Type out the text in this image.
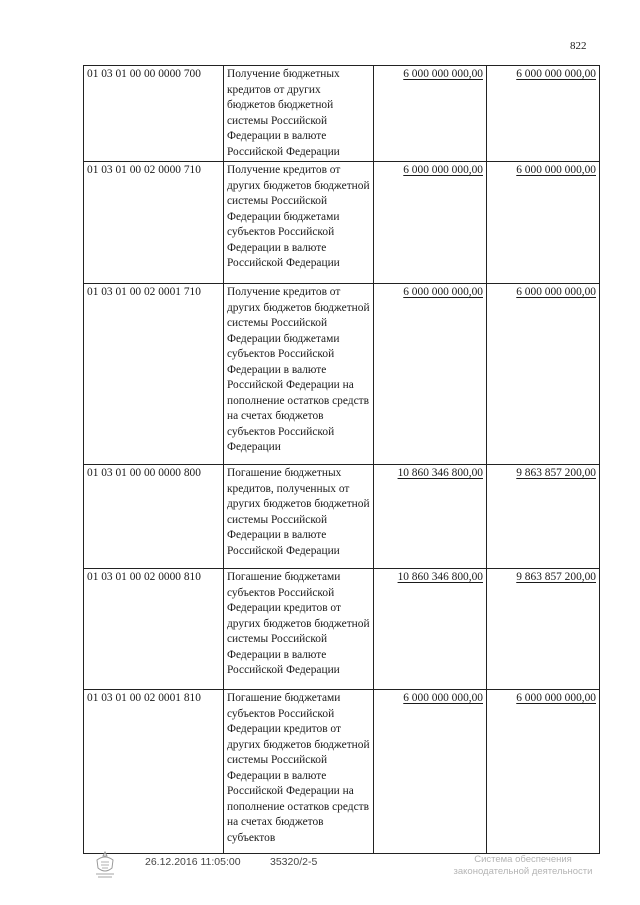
822
01 03 01 00 00 0000 700	Получение бюджетных кредитов от других бюджетов бюджетной системы Российской Федерации в валюте Российской Федерации	6 000 000 000,00	6 000 000 000,00
01 03 01 00 02 0000 710	Получение кредитов от других бюджетов бюджетной системы Российской Федерации бюджетами субъектов Российской Федерации в валюте Российской Федерации	6 000 000 000,00	6 000 000 000,00
01 03 01 00 02 0001 710	Получение кредитов от других бюджетов бюджетной системы Российской Федерации бюджетами субъектов Российской Федерации в валюте Российской Федерации на пополнение остатков средств на счетах бюджетов субъектов Российской Федерации	6 000 000 000,00	6 000 000 000,00
01 03 01 00 00 0000 800	Погашение бюджетных кредитов, полученных от других бюджетов бюджетной системы Российской Федерации в валюте Российской Федерации	10 860 346 800,00	9 863 857 200,00
01 03 01 00 02 0000 810	Погашение бюджетами субъектов Российской Федерации кредитов от других бюджетов бюджетной системы Российской Федерации в валюте Российской Федерации	10 860 346 800,00	9 863 857 200,00
01 03 01 00 02 0001 810	Погашение бюджетами субъектов Российской Федерации кредитов от других бюджетов бюджетной системы Российской Федерации в валюте Российской Федерации на пополнение остатков средств на счетах бюджетов субъектов	6 000 000 000,00	6 000 000 000,00
26.12.2016 11:05:00	35320/2-5	Система обеспечения законодательной деятельности
